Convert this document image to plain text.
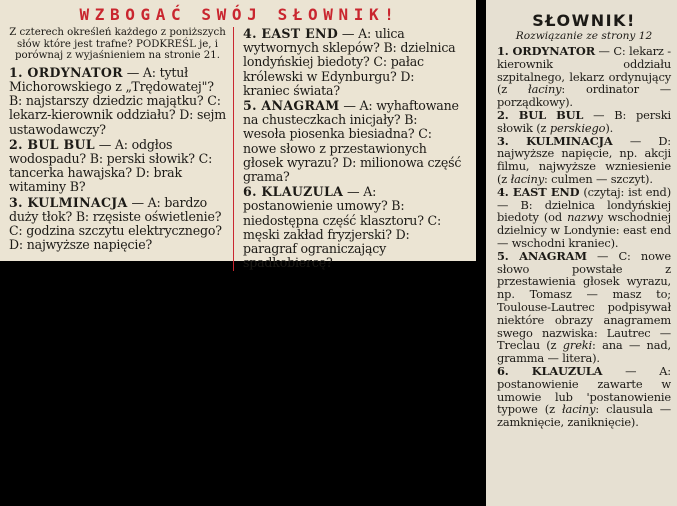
WZBOGAĆ SWÓJ SŁOWNIK!

Z czterech określeń każdego z poniższych słów które jest trafne? PODKREŚL je, i porównaj z wyjaśnieniem na stronie 21.

1. ORDYNATOR — A: tytuł Michorowskiego z „Trędowatej"? B: najstarszy dziedzic majątku? C: lekarz-kierownik oddziału? D: sejm ustawodawczy?

2. BUL BUL — A: odgłos wodospadu? B: perski słowik? C: tancerka hawajska? D: brak witaminy B?

3. KULMINACJA — A: bardzo duży tłok? B: rzęsiste oświetlenie? C: godzina szczytu elektrycznego? D: najwyższe napięcie?

4. EAST END — A: ulica wytwornych sklepów? B: dzielnica londyńskiej biedoty? C: pałac królewski w Edynburgu? D: kraniec świata?

5. ANAGRAM — A: wyhaftowane na chusteczkach inicjały? B: wesoła piosenka biesiadna? C: nowe słowo z przestawionych głosek wyrazu? D: milionowa część grama?

6. KLAUZULA — A: postanowienie umowy? B: niedostępna część klasztoru? C: męski zakład fryzjerski? D: paragraf ograniczający spadkobiercę?

SŁOWNIK!
Rozwiązanie ze strony 12

1. ORDYNATOR — C: lekarz - kierownik oddziału szpitalnego, lekarz ordynujący (z łaciny: ordinator — porządkowy).

2. BUL BUL — B: perski słowik (z perskiego).

3. KULMINACJA — D: najwyższe napięcie, np. akcji filmu, najwyższe wzniesienie (z łaciny: culmen — szczyt).

4. EAST END (czytaj: ist end) — B: dzielnica londyńskiej biedoty (od nazwy wschodniej dzielnicy w Londynie: east end — wschodni kraniec).

5. ANAGRAM — C: nowe słowo powstałe z przestawienia głosek wyrazu, np. Tomasz — masz to; Toulouse-Lautrec podpisywał niektóre obrazy anagramem swego nazwiska: Lautrec — Treclau (z greki: ana — nad, gramma — litera).

6. KLAUZULA — A: postanowienie zawarte w umowie lub 'postanowienie typowe (z łaciny: clausula — zamknięcie, zaniknięcie).
